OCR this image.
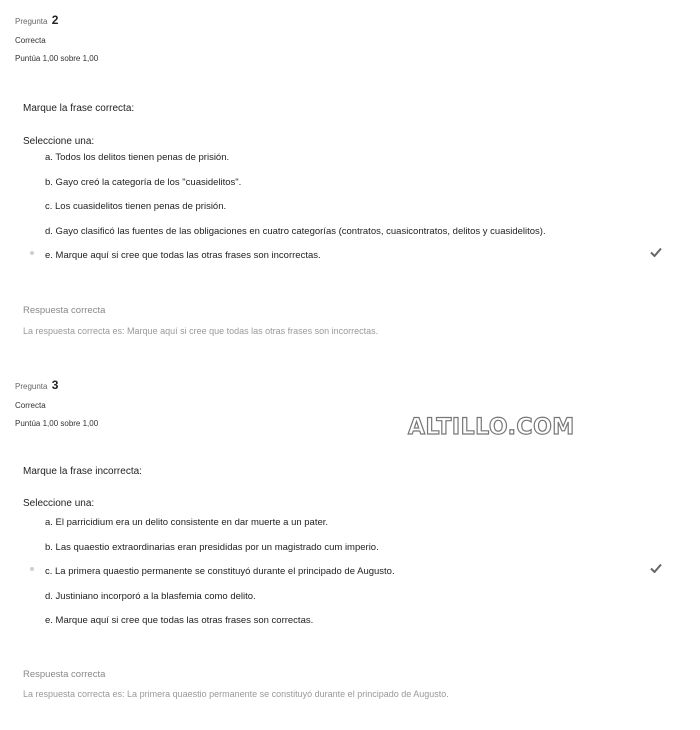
Pregunta 2
Correcta
Puntúa 1,00 sobre 1,00
Marque la frase correcta:
Seleccione una:
a. Todos los delitos tienen penas de prisión.
b. Gayo creó la categoría de los "cuasidelitos".
c. Los cuasidelitos tienen penas de prisión.
d. Gayo clasificó las fuentes de las obligaciones en cuatro categorías (contratos, cuasicontratos, delitos y cuasidelitos).
e. Marque aquí si cree que todas las otras frases son incorrectas.
Respuesta correcta
La respuesta correcta es: Marque aquí si cree que todas las otras frases son incorrectas.
Pregunta 3
Correcta
Puntúa 1,00 sobre 1,00
Marque la frase incorrecta:
Seleccione una:
a. El parricidium era un delito consistente en dar muerte a un pater.
b. Las quaestio extraordinarias eran presididas por un magistrado cum imperio.
c. La primera quaestio permanente se constituyó durante el principado de Augusto.
d. Justiniano incorporó a la blasfemia como delito.
e. Marque aquí si cree que todas las otras frases son correctas.
Respuesta correcta
La respuesta correcta es: La primera quaestio permanente se constituyó durante el principado de Augusto.
ALTILLO.COM
